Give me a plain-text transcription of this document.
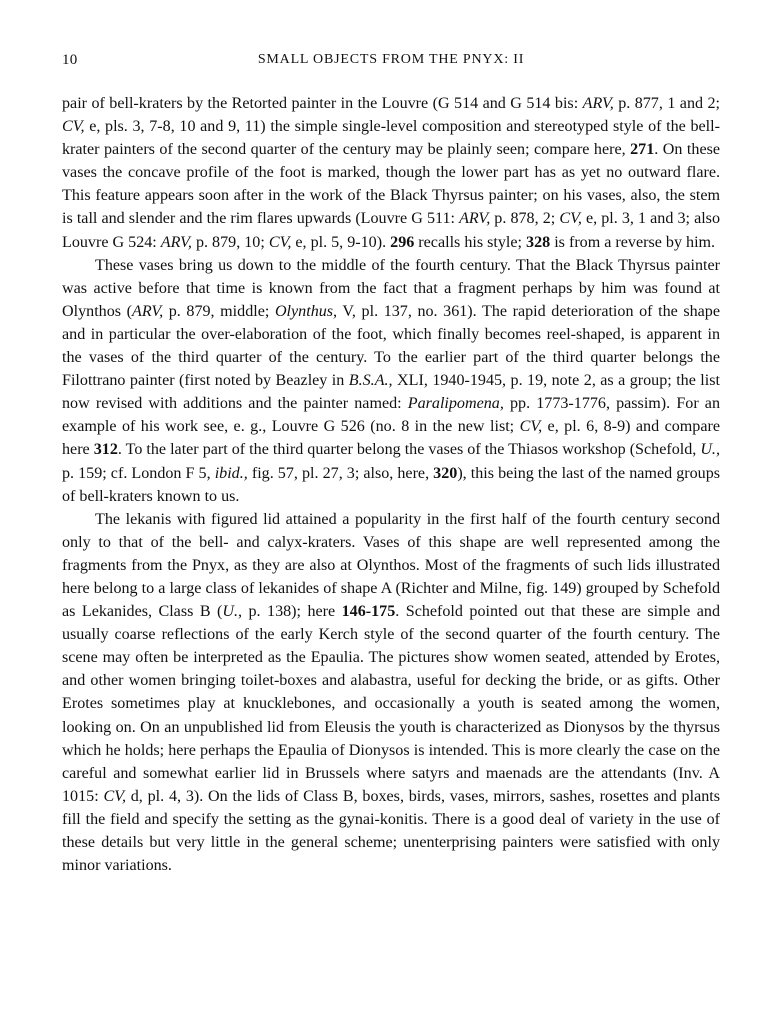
10	SMALL OBJECTS FROM THE PNYX: II

pair of bell-kraters by the Retorted painter in the Louvre (G 514 and G 514 bis: ARV, p. 877, 1 and 2; CV, e, pls. 3, 7-8, 10 and 9, 11) the simple single-level composition and stereotyped style of the bell-krater painters of the second quarter of the century may be plainly seen; compare here, 271. On these vases the concave profile of the foot is marked, though the lower part has as yet no outward flare. This feature appears soon after in the work of the Black Thyrsus painter; on his vases, also, the stem is tall and slender and the rim flares upwards (Louvre G 511: ARV, p. 878, 2; CV, e, pl. 3, 1 and 3; also Louvre G 524: ARV, p. 879, 10; CV, e, pl. 5, 9-10). 296 recalls his style; 328 is from a reverse by him.

These vases bring us down to the middle of the fourth century. That the Black Thyrsus painter was active before that time is known from the fact that a fragment perhaps by him was found at Olynthos (ARV, p. 879, middle; Olynthus, V, pl. 137, no. 361). The rapid deterioration of the shape and in particular the over-elaboration of the foot, which finally becomes reel-shaped, is apparent in the vases of the third quarter of the century. To the earlier part of the third quarter belongs the Filottrano painter (first noted by Beazley in B.S.A., XLI, 1940-1945, p. 19, note 2, as a group; the list now revised with additions and the painter named: Paralipomena, pp. 1773-1776, passim). For an example of his work see, e. g., Louvre G 526 (no. 8 in the new list; CV, e, pl. 6, 8-9) and compare here 312. To the later part of the third quarter belong the vases of the Thiasos workshop (Schefold, U., p. 159; cf. London F 5, ibid., fig. 57, pl. 27, 3; also, here, 320), this being the last of the named groups of bell-kraters known to us.

The lekanis with figured lid attained a popularity in the first half of the fourth century second only to that of the bell- and calyx-kraters. Vases of this shape are well represented among the fragments from the Pnyx, as they are also at Olynthos. Most of the fragments of such lids illustrated here belong to a large class of lekanides of shape A (Richter and Milne, fig. 149) grouped by Schefold as Lekanides, Class B (U., p. 138); here 146-175. Schefold pointed out that these are simple and usually coarse reflections of the early Kerch style of the second quarter of the fourth century. The scene may often be interpreted as the Epaulia. The pictures show women seated, attended by Erotes, and other women bringing toilet-boxes and alabastra, useful for decking the bride, or as gifts. Other Erotes sometimes play at knucklebones, and occasionally a youth is seated among the women, looking on. On an unpublished lid from Eleusis the youth is characterized as Dionysos by the thyrsus which he holds; here perhaps the Epaulia of Dionysos is intended. This is more clearly the case on the careful and somewhat earlier lid in Brussels where satyrs and maenads are the attendants (Inv. A 1015: CV, d, pl. 4, 3). On the lids of Class B, boxes, birds, vases, mirrors, sashes, rosettes and plants fill the field and specify the setting as the gynai-konitis. There is a good deal of variety in the use of these details but very little in the general scheme; unenterprising painters were satisfied with only minor variations.
